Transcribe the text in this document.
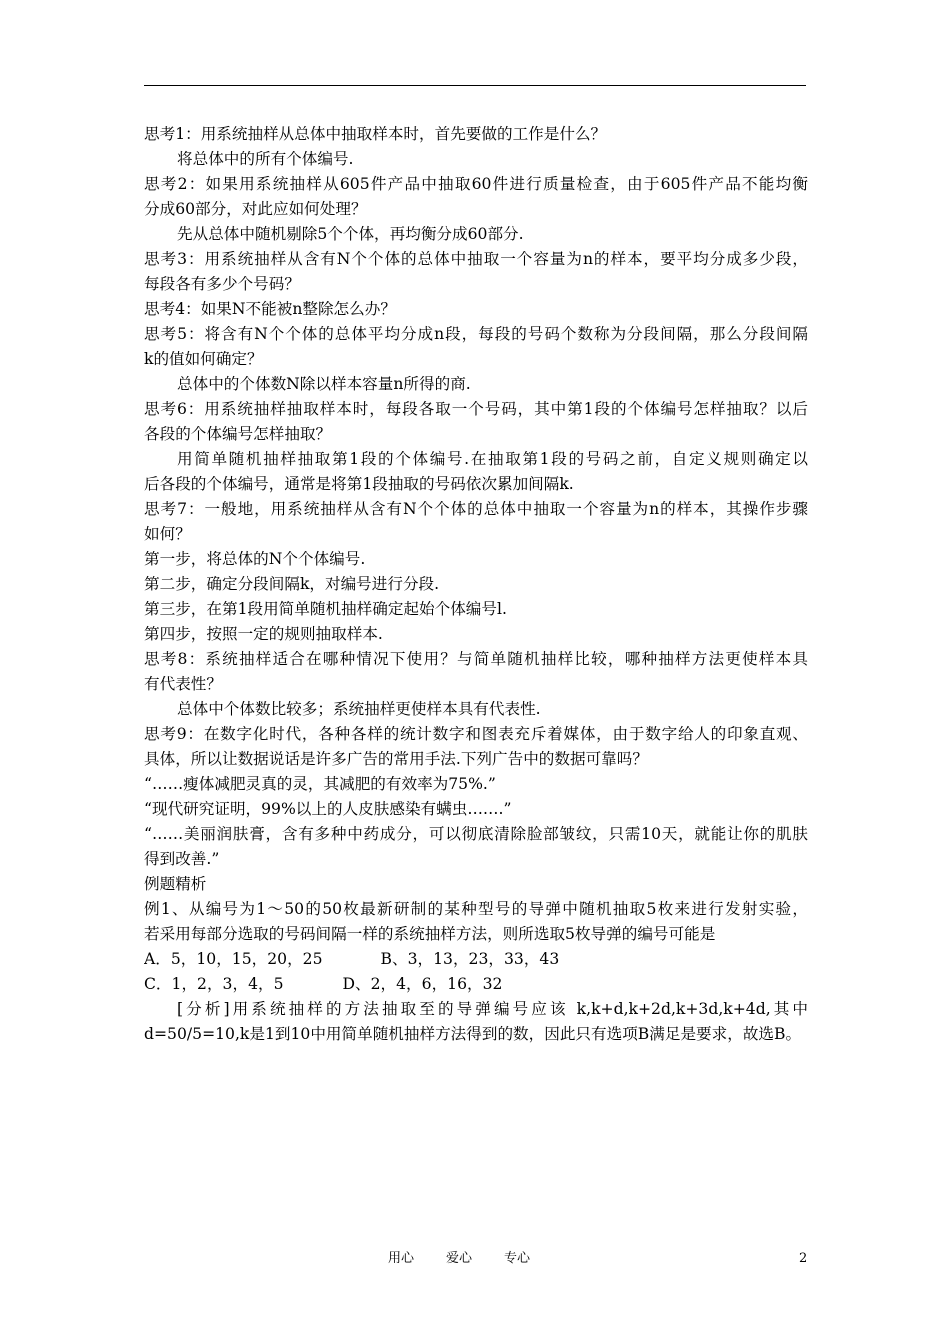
思考1：用系统抽样从总体中抽取样本时，首先要做的工作是什么？
将总体中的所有个体编号.
思考2：如果用系统抽样从605件产品中抽取60件进行质量检查，由于605件产品不能均衡
分成60部分，对此应如何处理？
先从总体中随机剔除5个个体，再均衡分成60部分.
思考3：用系统抽样从含有N个个体的总体中抽取一个容量为n的样本，要平均分成多少段，
每段各有多少个号码？
思考4：如果N不能被n整除怎么办？
思考5：将含有N个个体的总体平均分成n段，每段的号码个数称为分段间隔，那么分段间隔
k的值如何确定？
总体中的个体数N除以样本容量n所得的商.
思考6：用系统抽样抽取样本时，每段各取一个号码，其中第1段的个体编号怎样抽取？以后
各段的个体编号怎样抽取？
用简单随机抽样抽取第1段的个体编号.在抽取第1段的号码之前，自定义规则确定以
后各段的个体编号，通常是将第1段抽取的号码依次累加间隔k.
思考7：一般地，用系统抽样从含有N个个体的总体中抽取一个容量为n的样本，其操作步骤
如何？
第一步，将总体的N个个体编号.
第二步，确定分段间隔k，对编号进行分段.
第三步，在第1段用简单随机抽样确定起始个体编号l.
第四步，按照一定的规则抽取样本.
思考8：系统抽样适合在哪种情况下使用？与简单随机抽样比较，哪种抽样方法更使样本具
有代表性？
总体中个体数比较多；系统抽样更使样本具有代表性.
思考9：在数字化时代，各种各样的统计数字和图表充斥着媒体，由于数字给人的印象直观、
具体，所以让数据说话是许多广告的常用手法.下列广告中的数据可靠吗？
“……瘦体减肥灵真的灵，其减肥的有效率为75%.”
“现代研究证明，99%以上的人皮肤感染有螨虫…….”
“……美丽润肤膏，含有多种中药成分，可以彻底清除脸部皱纹，只需10天，就能让你的肌肤
得到改善.”
例题精析
例1、从编号为1～50的50枚最新研制的某种型号的导弹中随机抽取5枚来进行发射实验，
若采用每部分选取的号码间隔一样的系统抽样方法，则所选取5枚导弹的编号可能是
A．5，10，15，20，25	B、3，13，23，33，43
C．1，2，3，4，5	D、2，4，6，16，32
[分析]用系统抽样的方法抽取至的导弹编号应该 k,k+d,k+2d,k+3d,k+4d,其中
d=50/5=10,k是1到10中用简单随机抽样方法得到的数，因此只有选项B满足是要求，故选B。
用心 爱心 专心	2
